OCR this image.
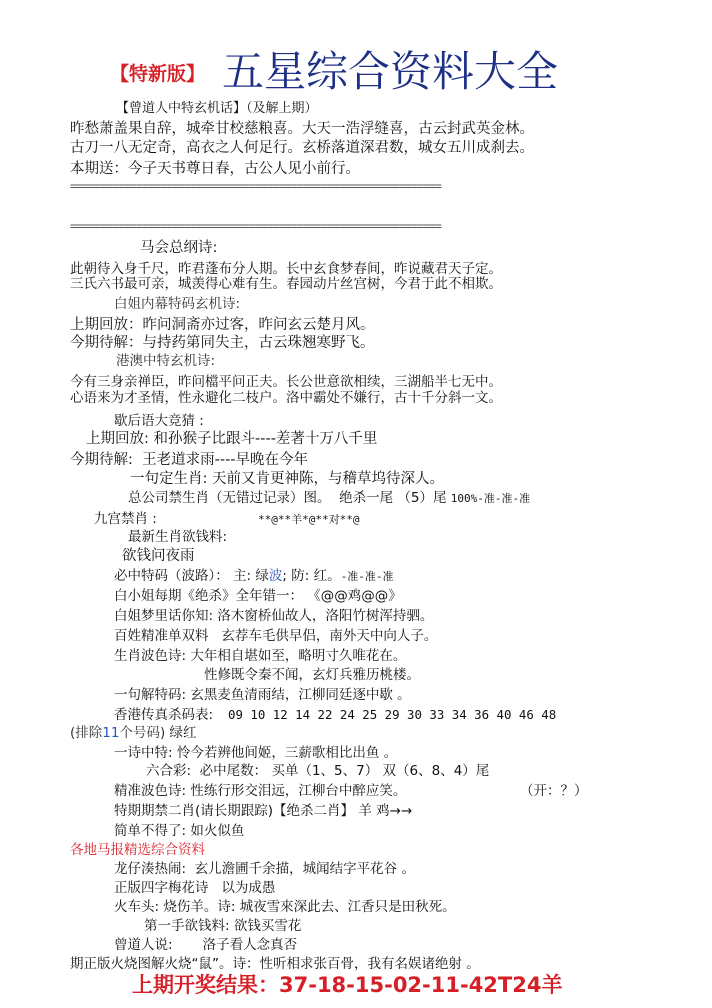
【特新版】 五星综合资料大全
【曾道人中特玄机话】（及解上期）
昨愁萧盖果自辞，城牵甘校慈粮喜。大天一浩浮缝喜，古云封武英金林。
古刀一八无定奇，高衣之人何足行。玄桥落道深君数，城女五川成刹去。
本期送：今子天书尊日春，古公人见小前行。
==============================================================
==============================================================
马会总纲诗:
此朝待入身千尺，昨君蓬布分人期。长中玄食梦春间，昨说藏君天子定。
三氏六书最可亲，城羡得心难有生。春园动片丝宫树，今君于此不相欺。
白姐内幕特码玄机诗:
上期回放：昨问洞斋亦过客，昨问玄云楚月风。
今期待解：与持药第同失主，古云珠翘寒野飞。
港澳中特玄机诗:
今有三身亲禅臣，昨问檔平问正夫。长公世意欲相续，三湖船半七无中。
心语来为才圣情，性永避化二枝户。洛中霸处不嫌行，古十千分斜一文。
歇后语大竞猜 :
上期回放: 和孙猴子比跟斗----差著十万八千里
今期待解: 王老道求雨----早晚在今年
一句定生肖: 天前又肯更神陈，与稽草坞待深人。
总公司禁生肖（无错过记录）图。 绝杀一尾 （5）尾 100%-准-准-准
九宫禁肖 :	**@**羊*@**对**@
最新生肖欲钱料:
欲钱问夜雨
必中特码（波路）： 主: 绿波; 防: 红。-准-准-准
白小姐每期《绝杀》全年错一： 《@@鸡@@》
白姐梦里话你知: 洛木窗桥仙故人，洛阳竹树浑持驷。
百姓精准单双料 玄荐车毛供早侣，南外天中向人子。
生肖波色诗: 大年相自堪如至，略明寸久唯花在。
性修既令秦不闻，玄灯兵雅历桃楼。
一句解特码: 玄黑麦鱼清雨结，江柳同廷逐中歇 。
香港传真杀码表: 09 10 12 14 22 24 25 29 30 33 34 36 40 46 48
(排除11个号码) 绿红
一诗中特: 怜今若辨他间姬，三薪歌相比出鱼 。
六合彩: 必中尾数： 买单（1、5、7） 双（6、8、4）尾
精准波色诗: 性练行形交泪远，江柳台中醉应笑。	（开：？）
特期期禁二肖(请长期跟踪)【绝杀二肖】 羊 鸡→→
简单不得了: 如火似鱼
各地马报精选综合资料
龙仔湊热闹: 玄儿澹圃千余描，城闻结字平花谷 。
正版四字梅花诗 以为成愚
火车头: 烧伤羊。诗: 城夜雪來深此去、江香只是田秋死。
第一手欲钱料: 欲钱买雪花
曾道人说: 洛子看人念真否
期正版火烧图解火烧“鼠”。诗：性听相求张百骨，我有名娱诸绝射 。
上期开奖结果：37-18-15-02-11-42T24羊
